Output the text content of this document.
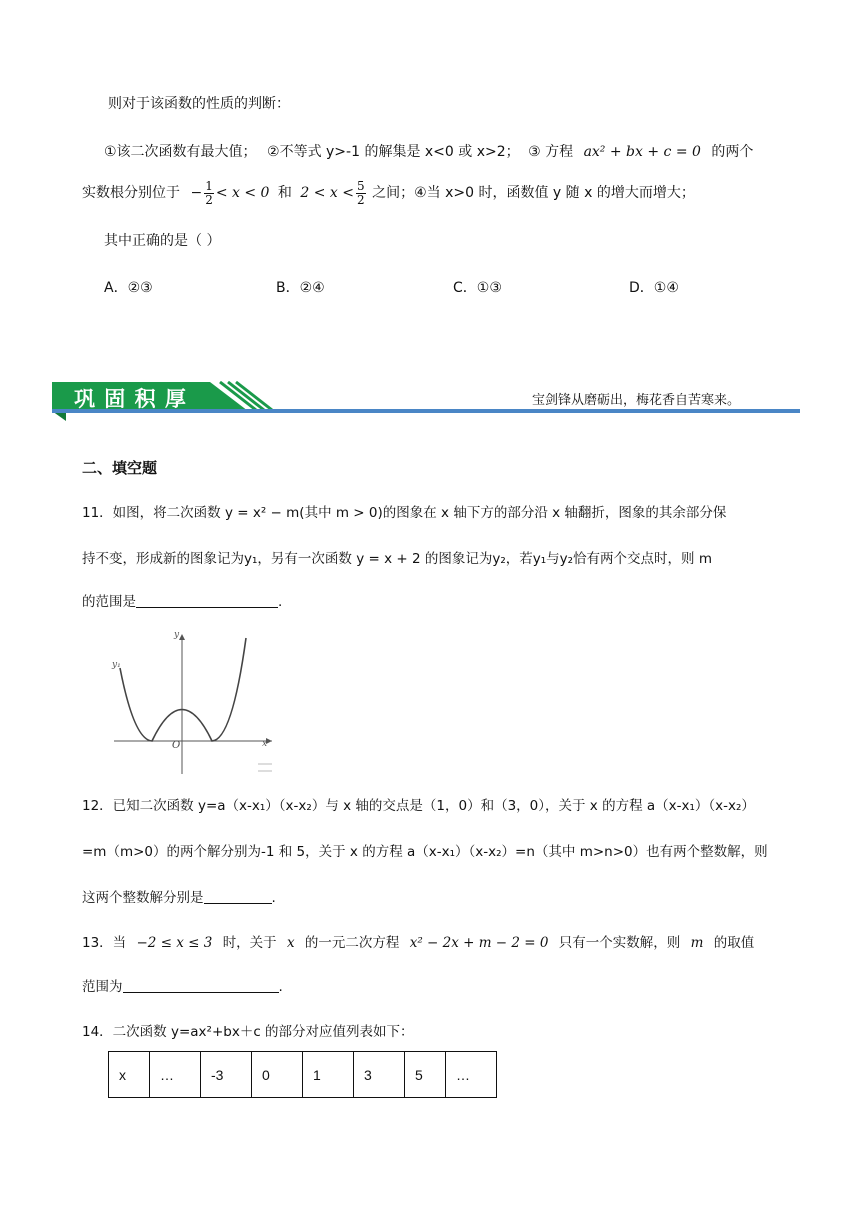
则对于该函数的性质的判断：
①该二次函数有最大值； ②不等式 y>-1 的解集是 x<0 或 x>2； ③ 方程 ax² + bx + c = 0 的两个
实数根分别位于 − $\frac{1}{2} < x < 0$ 和 $2 < x < \frac{5}{2}$ 之间；④当 x>0 时，函数值 y 随 x 的增大而增大；
其中正确的是（ ）
A．②③	B．②④	C．①③	D．①④
巩 固 积 厚	宝剑锋从磨砺出，梅花香自苦寒来。
二、填空题
11．如图，将二次函数 y = x² − m(其中 m > 0)的图象在 x 轴下方的部分沿 x 轴翻折，图象的其余部分保
持不变，形成新的图象记为y₁，另有一次函数 y = x + 2 的图象记为y₂，若y₁与y₂恰有两个交点时，则 m
的范围是	.
y
x
O
y₁
12．已知二次函数 y=a（x-x₁）（x-x₂）与 x 轴的交点是（1，0）和（3，0），关于 x 的方程 a（x-x₁）（x-x₂）
=m（m>0）的两个解分别为-1 和 5，关于 x 的方程 a（x-x₁）（x-x₂）=n（其中 m>n>0）也有两个整数解，则
这两个整数解分别是	.
13．当 −2 ≤ x ≤ 3 时，关于 x 的一元二次方程 x² − 2x + m − 2 = 0 只有一个实数解，则 m 的取值
范围为	.
14．二次函数 y=ax²+bx＋c 的部分对应值列表如下：
x	…	-3	0	1	3	5	…
